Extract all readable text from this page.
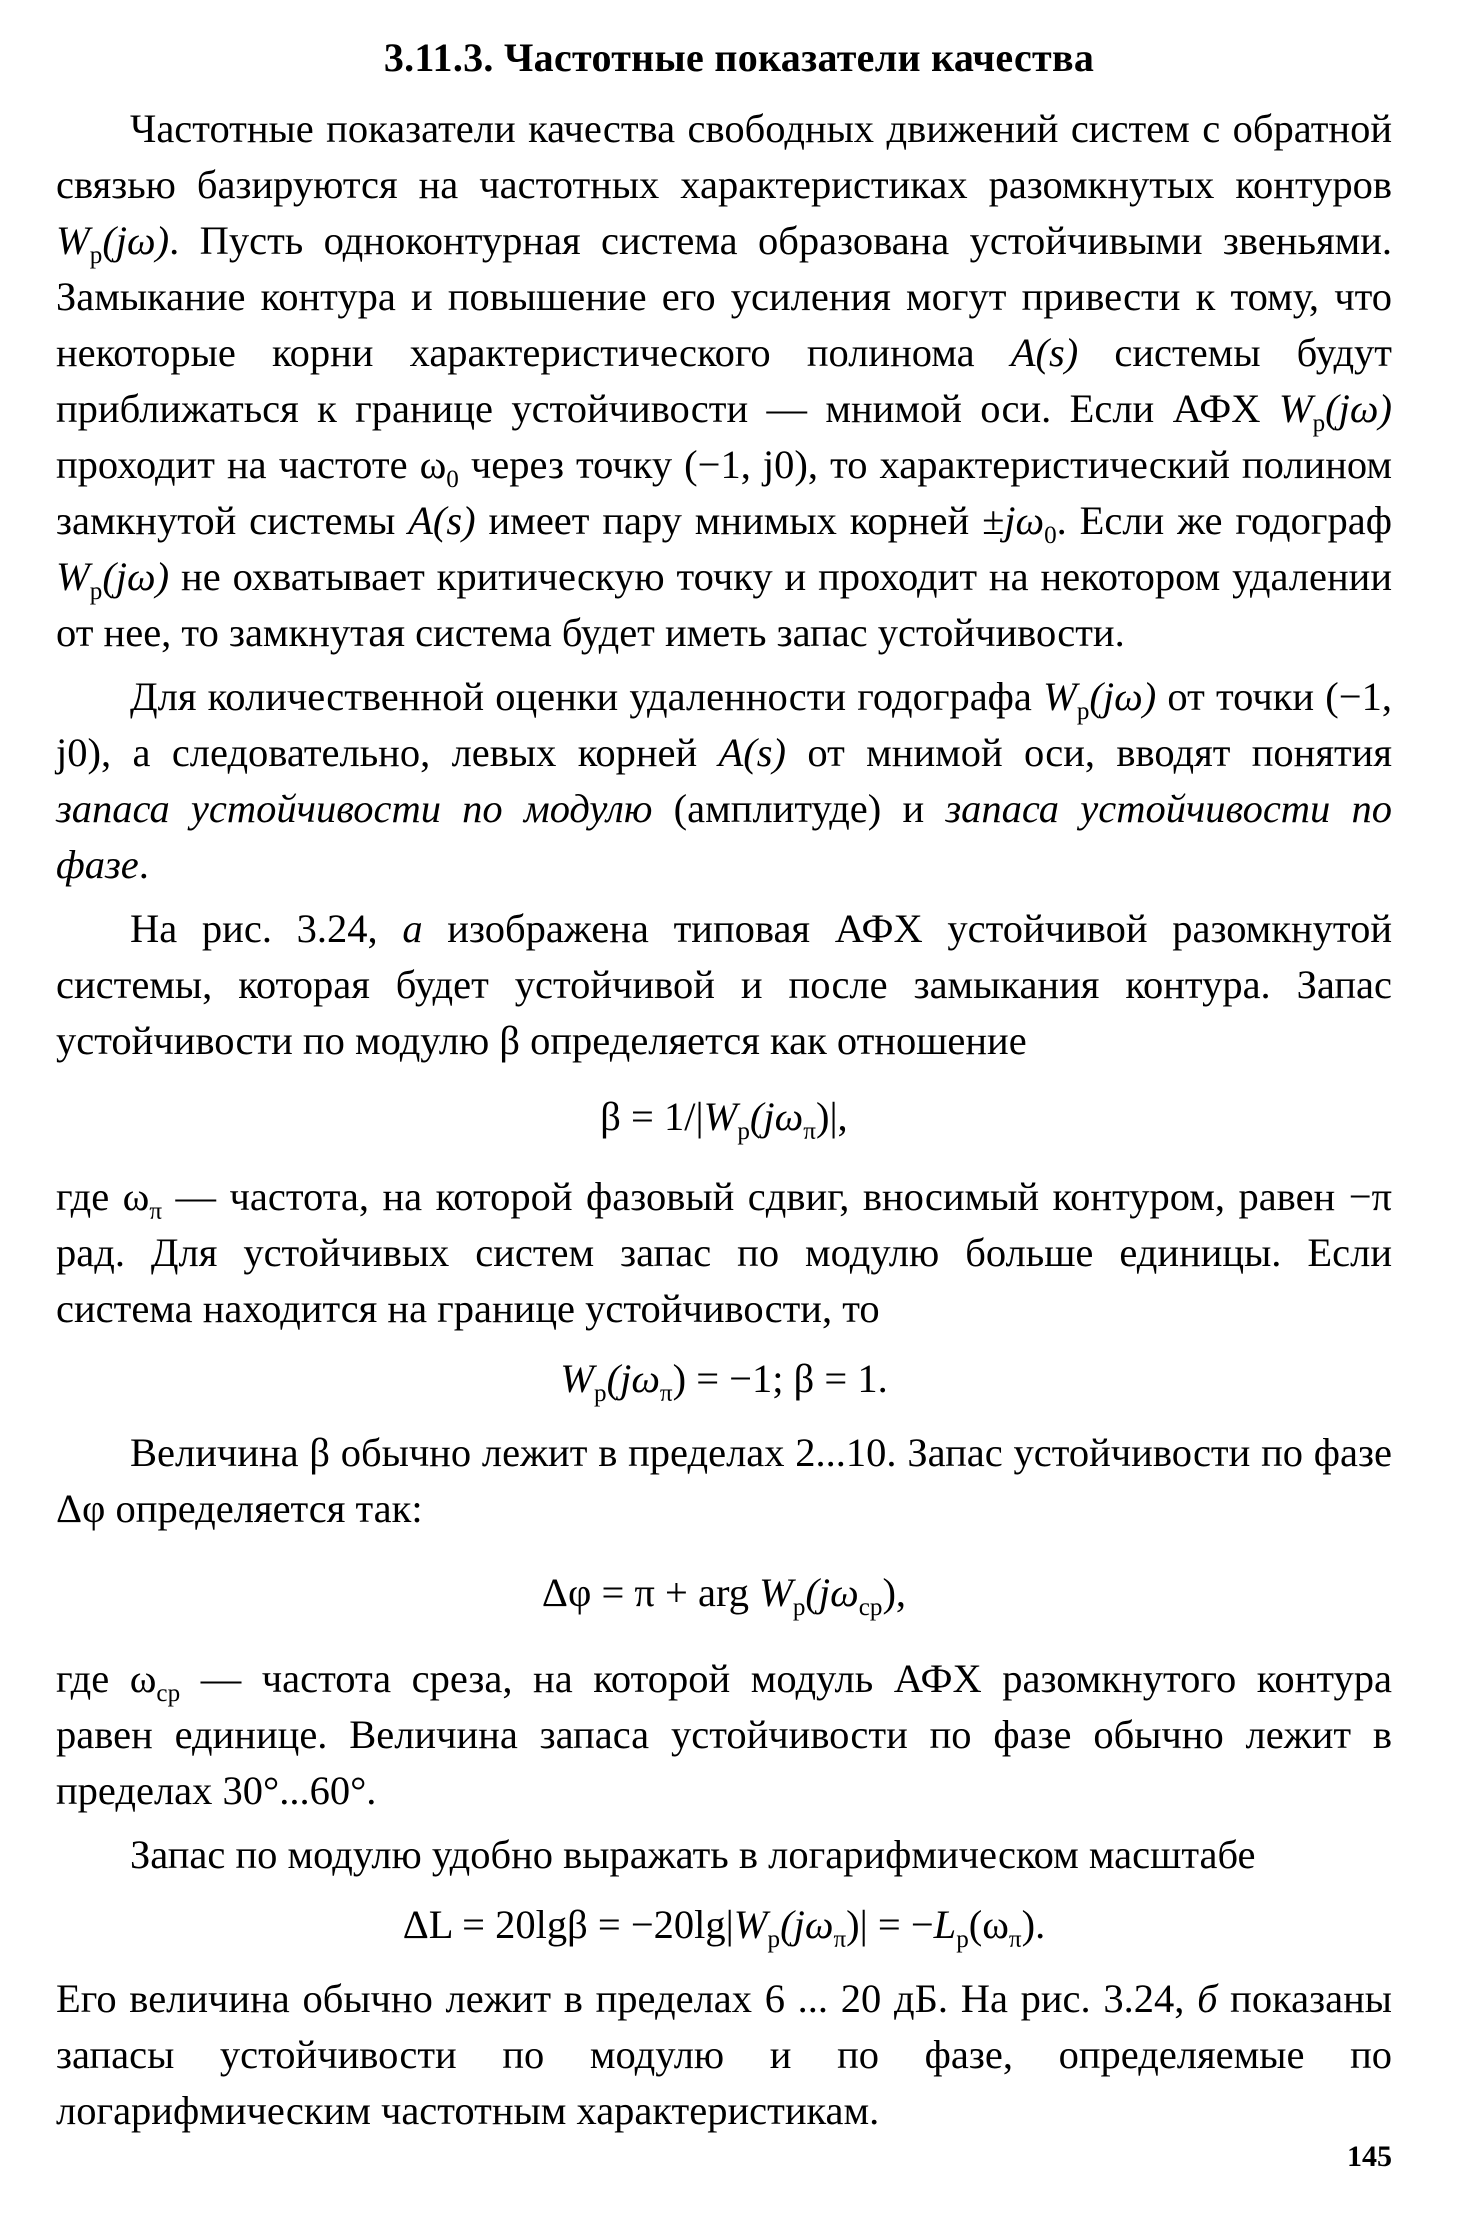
3.11.3. Частотные показатели качества

Частотные показатели качества свободных движений систем с обратной связью базируются на частотных характеристиках разомкнутых контуров $W_р(j\omega)$. Пусть одноконтурная система образована устойчивыми звеньями. Замыкание контура и повышение его усиления могут привести к тому, что некоторые корни характеристического полинома A(s) системы будут приближаться к границе устойчивости — мнимой оси. Если АФХ $W_р(j\omega)$ проходит на частоте $\omega_0$ через точку (−1, j0), то характеристический полином замкнутой системы A(s) имеет пару мнимых корней $\pm j\omega_0$. Если же годограф $W_р(j\omega)$ не охватывает критическую точку и проходит на некотором удалении от нее, то замкнутая система будет иметь запас устойчивости.

Для количественной оценки удаленности годографа $W_р(j\omega)$ от точки (−1, j0), а следовательно, левых корней A(s) от мнимой оси, вводят понятия запаса устойчивости по модулю (амплитуде) и запаса устойчивости по фазе.

На рис. 3.24, а изображена типовая АФХ устойчивой разомкнутой системы, которая будет устойчивой и после замыкания контура. Запас устойчивости по модулю β определяется как отношение

$\beta = 1/|W_р(j\omega_\pi)|$,

где $\omega_\pi$ — частота, на которой фазовый сдвиг, вносимый контуром, равен −π рад. Для устойчивых систем запас по модулю больше единицы. Если система находится на границе устойчивости, то

$W_р(j\omega_\pi) = -1$; β = 1.

Величина β обычно лежит в пределах 2...10. Запас устойчивости по фазе Δφ определяется так:

Δφ = π + arg $W_р(j\omega_{ср})$,

где $\omega_{ср}$ — частота среза, на которой модуль АФХ разомкнутого контура равен единице. Величина запаса устойчивости по фазе обычно лежит в пределах 30°...60°.

Запас по модулю удобно выражать в логарифмическом масштабе

$\Delta L = 20\lg\beta = -20\lg|W_р(j\omega_\pi)| = -L_р(\omega_\pi)$.

Его величина обычно лежит в пределах 6 ... 20 дБ. На рис. 3.24, б показаны запасы устойчивости по модулю и по фазе, определяемые по логарифмическим частотным характеристикам.

145
